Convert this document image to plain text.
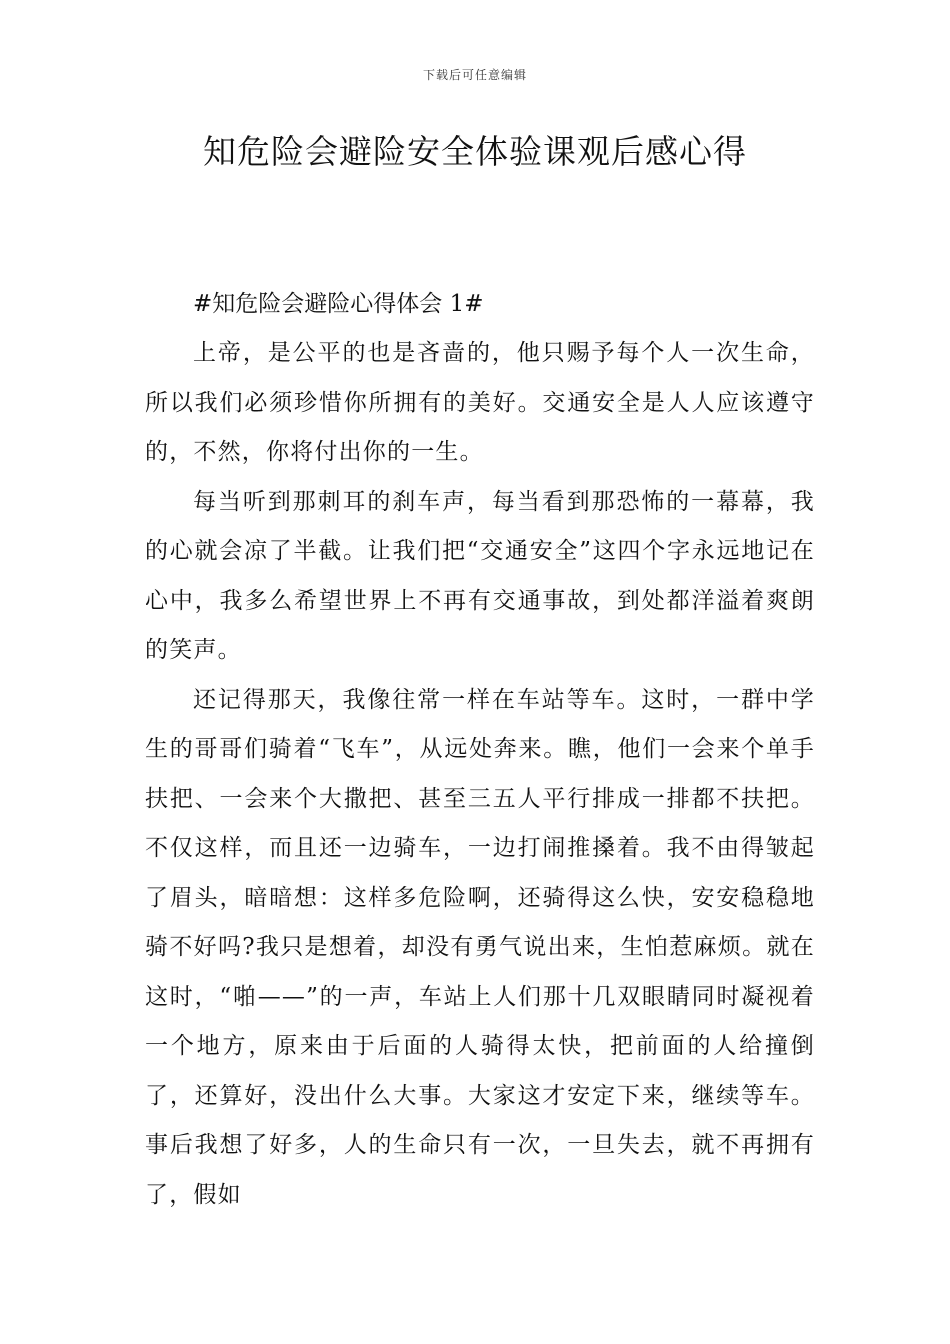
下载后可任意编辑
知危险会避险安全体验课观后感心得

#知危险会避险心得体会 1#

上帝，是公平的也是吝啬的，他只赐予每个人一次生命，所以我们必须珍惜你所拥有的美好。交通安全是人人应该遵守的，不然，你将付出你的一生。

每当听到那刺耳的刹车声，每当看到那恐怖的一幕幕，我的心就会凉了半截。让我们把“交通安全”这四个字永远地记在心中，我多么希望世界上不再有交通事故，到处都洋溢着爽朗的笑声。

还记得那天，我像往常一样在车站等车。这时，一群中学生的哥哥们骑着“飞车”，从远处奔来。瞧，他们一会来个单手扶把、一会来个大撒把、甚至三五人平行排成一排都不扶把。不仅这样，而且还一边骑车，一边打闹推搡着。我不由得皱起了眉头，暗暗想：这样多危险啊，还骑得这么快，安安稳稳地骑不好吗?我只是想着，却没有勇气说出来，生怕惹麻烦。就在这时，“啪——”的一声，车站上人们那十几双眼睛同时凝视着一个地方，原来由于后面的人骑得太快，把前面的人给撞倒了，还算好，没出什么大事。大家这才安定下来，继续等车。事后我想了好多，人的生命只有一次，一旦失去，就不再拥有了，假如
